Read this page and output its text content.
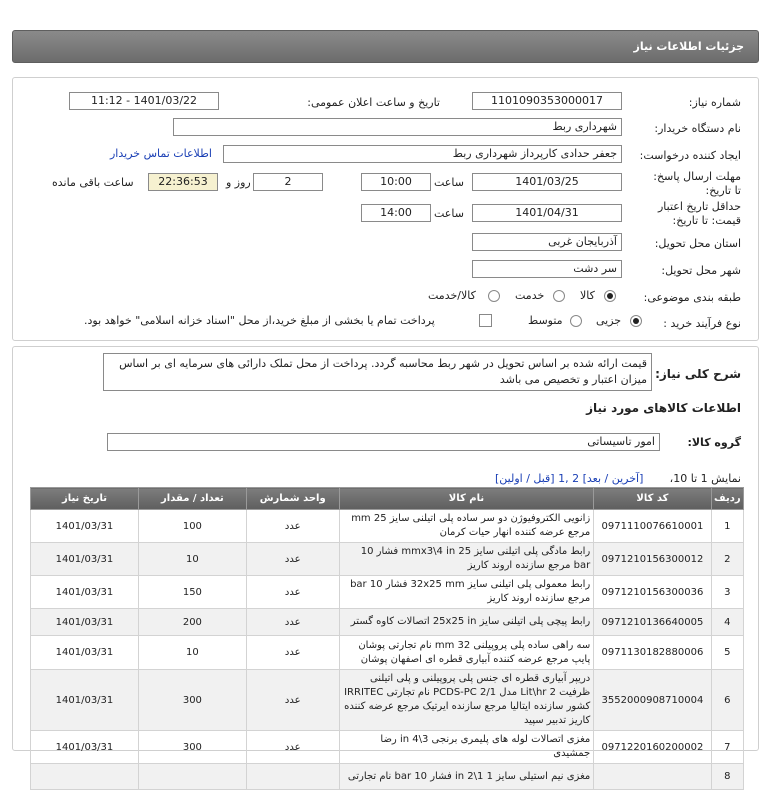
جزئیات اطلاعات نیاز
شماره نیاز:
1101090353000017
تاریخ و ساعت اعلان عمومی:
1401/03/22 - 11:12
نام دستگاه خریدار:
شهرداری ربط
ایجاد کننده درخواست:
جعفر حدادی کارپرداز شهرداری ربط
اطلاعات تماس خریدار
مهلت ارسال پاسخ: تا تاریخ:
1401/03/25
ساعت
10:00
2
روز و
22:36:53
ساعت باقی مانده
حداقل تاریخ اعتبار قیمت: تا تاریخ:
1401/04/31
ساعت
14:00
استان محل تحویل:
آذربایجان غربی
شهر محل تحویل:
سر دشت
طبقه بندی موضوعی:
کالا
خدمت
کالا/خدمت
نوع فرآیند خرید :
جزیی
متوسط
پرداخت تمام یا بخشی از مبلغ خرید،از محل "اسناد خزانه اسلامی" خواهد بود.
شرح کلی نیاز:
قیمت ارائه شده بر اساس تحویل در شهر ربط محاسبه گردد. پرداخت از محل تملک دارائی های سرمایه ای بر اساس میزان اعتبار و تخصیص می باشد
اطلاعات کالاهای مورد نیاز
گروه کالا:
امور تاسیساتی
نمایش 1 تا 10،
[آخرین / بعد] 2 ,1 [قبل / اولین]
ردیف	کد کالا	نام کالا	واحد شمارش	تعداد / مقدار	تاریخ نیاز
1	0971110076610001	زانویی الکتروفیوژن دو سر ساده پلی اتیلنی سایز 25 mm مرجع عرضه کننده انهار حیات کرمان	عدد	100	1401/03/31
2	0971210156300012	رابط مادگی پلی اتیلنی سایز 25 mmx3\4 in فشار 10 bar مرجع سازنده اروند کاریز	عدد	10	1401/03/31
3	0971210156300036	رابط معمولی پلی اتیلنی سایز 32x25 mm فشار 10 bar مرجع سازنده اروند کاریز	عدد	150	1401/03/31
4	0971210136640005	رابط پیچی پلی اتیلنی سایز 25x25 in اتصالات کاوه گستر	عدد	200	1401/03/31
5	0971130182880006	سه راهی ساده پلی پروپیلنی 32 mm نام تجارتی پوشان پایپ مرجع عرضه کننده آبیاری قطره ای اصفهان پوشان	عدد	10	1401/03/31
6	3552000908710004	دریپر آبیاری قطره ای جنس پلی پروپیلنی و پلی اتیلنی ظرفیت 2 Lit\hr مدل PCDS-PC 2/1 نام تجارتی IRRITEC کشور سازنده ایتالیا مرجع سازنده ایرتیک مرجع عرضه کننده کاریز تدبیر سپید	عدد	300	1401/03/31
7	0971220160200002	مغزی اتصالات لوله های پلیمری برنجی 3\4 in رضا جمشیدی	عدد	300	1401/03/31
8		مغزی نیم استیلی سایز 1 1\2 in فشار 10 bar نام تجارتی			
